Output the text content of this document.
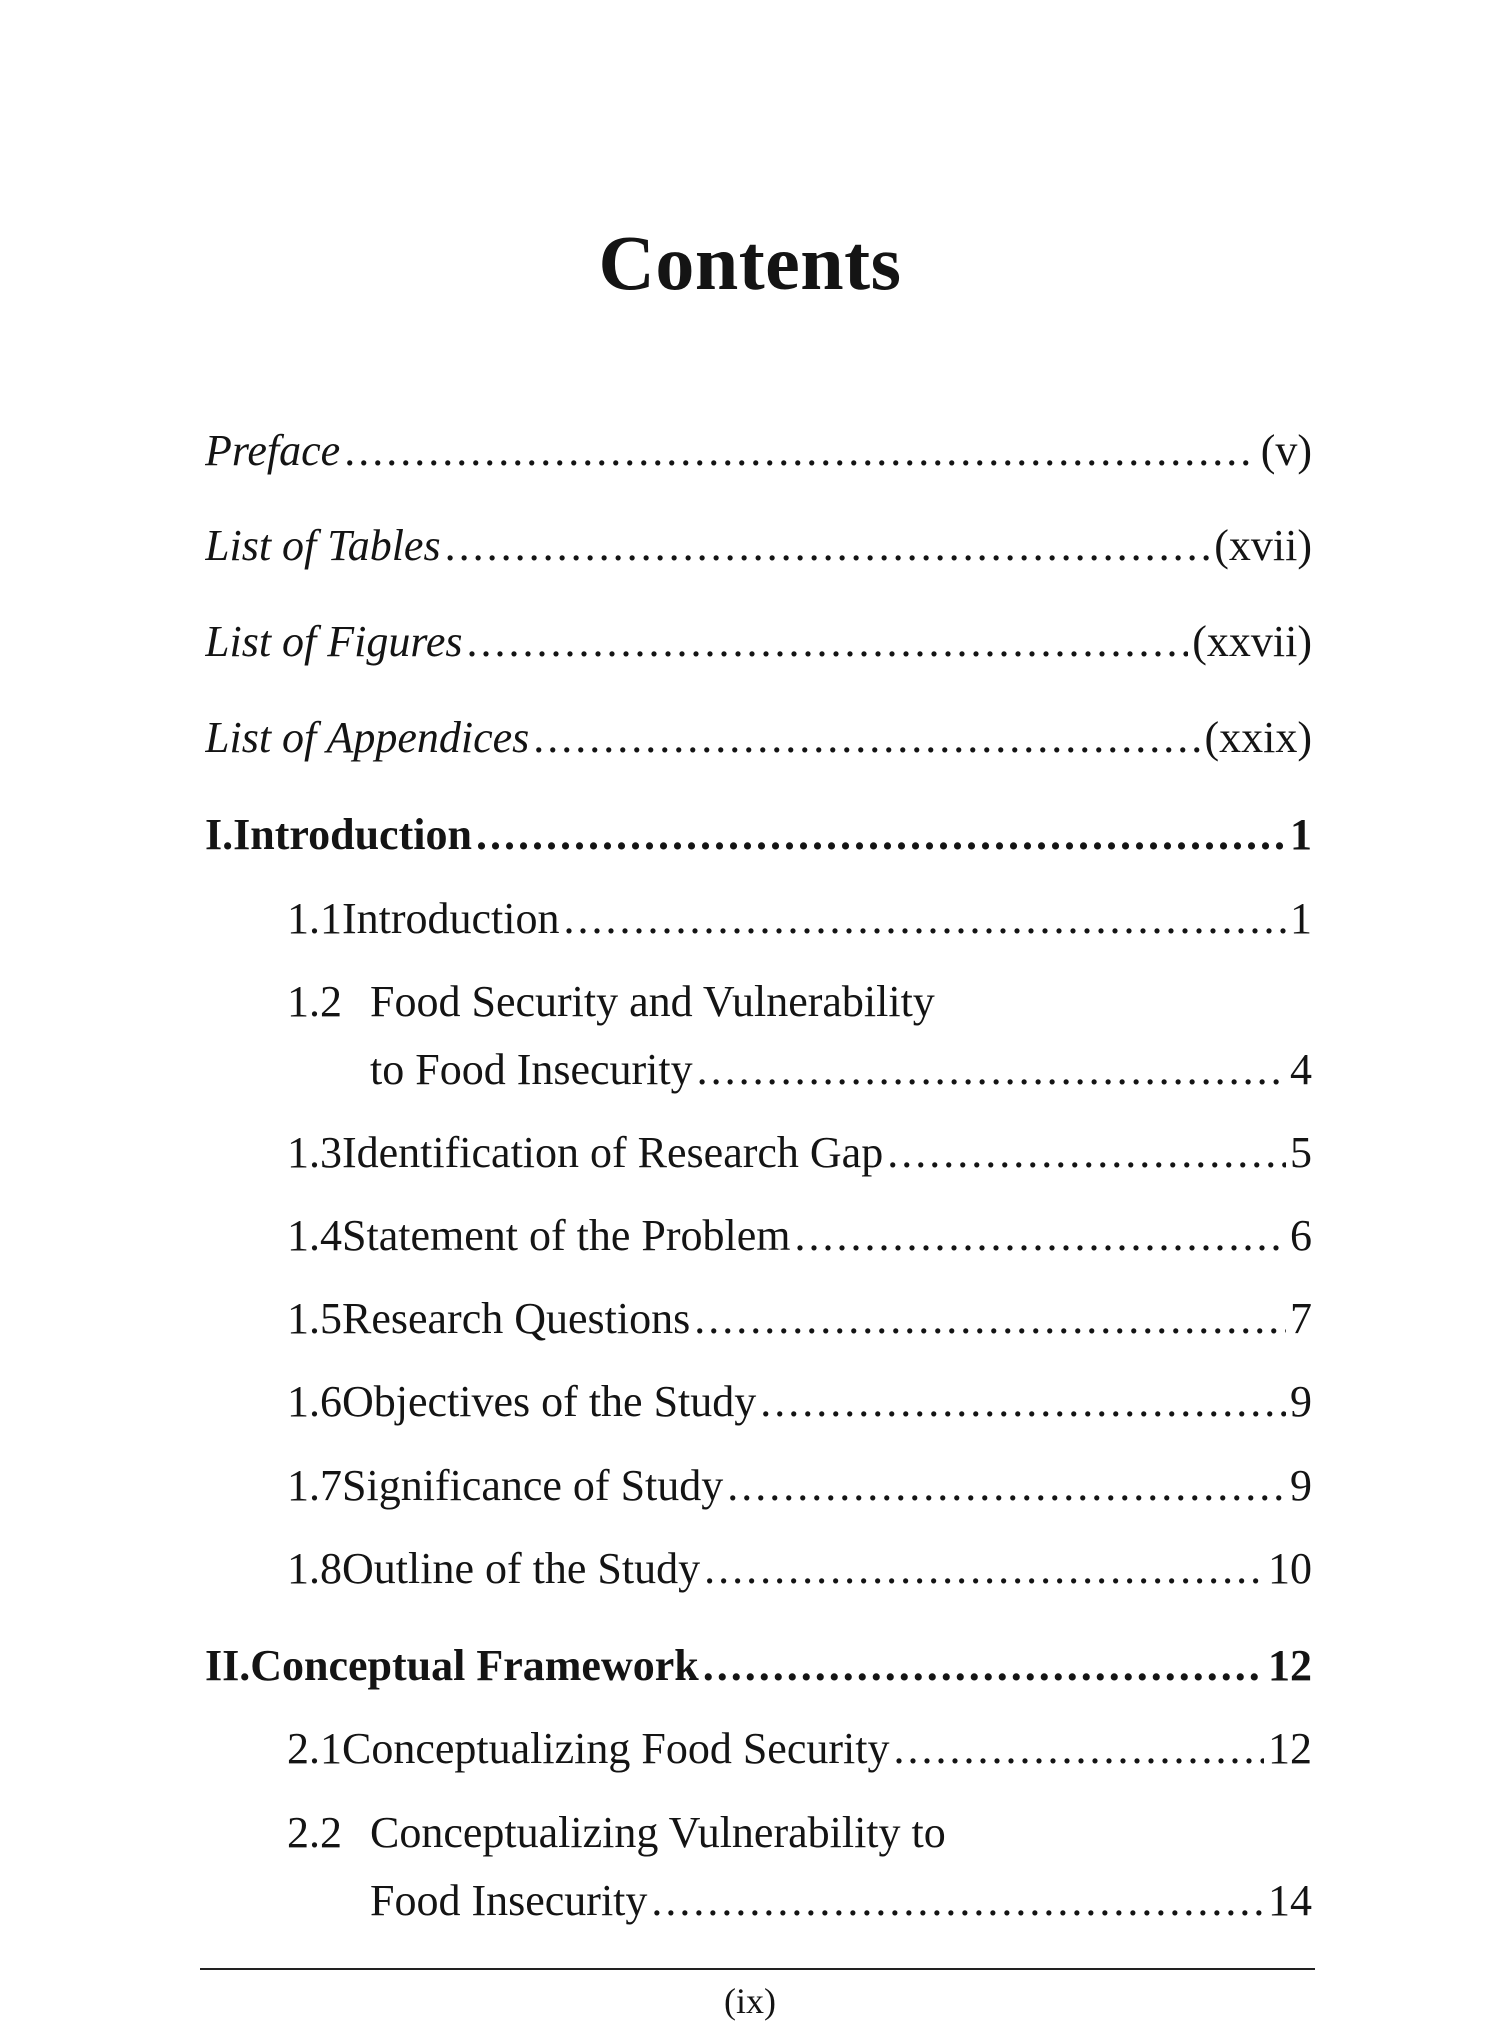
Contents
Preface .....	(v)
List of Tables .....	(xvii)
List of Figures .....	(xxvii)
List of Appendices .....	(xxix)
I. Introduction .....	1
1.1 Introduction .....	1
1.2 Food Security and Vulnerability
to Food Insecurity .....	4
1.3 Identification of Research Gap .....	5
1.4 Statement of the Problem .....	6
1.5 Research Questions .....	7
1.6 Objectives of the Study .....	9
1.7 Significance of Study .....	9
1.8 Outline of the Study .....	10
II. Conceptual Framework .....	12
2.1 Conceptualizing Food Security .....	12
2.2 Conceptualizing Vulnerability to
Food Insecurity .....	14
(ix)
